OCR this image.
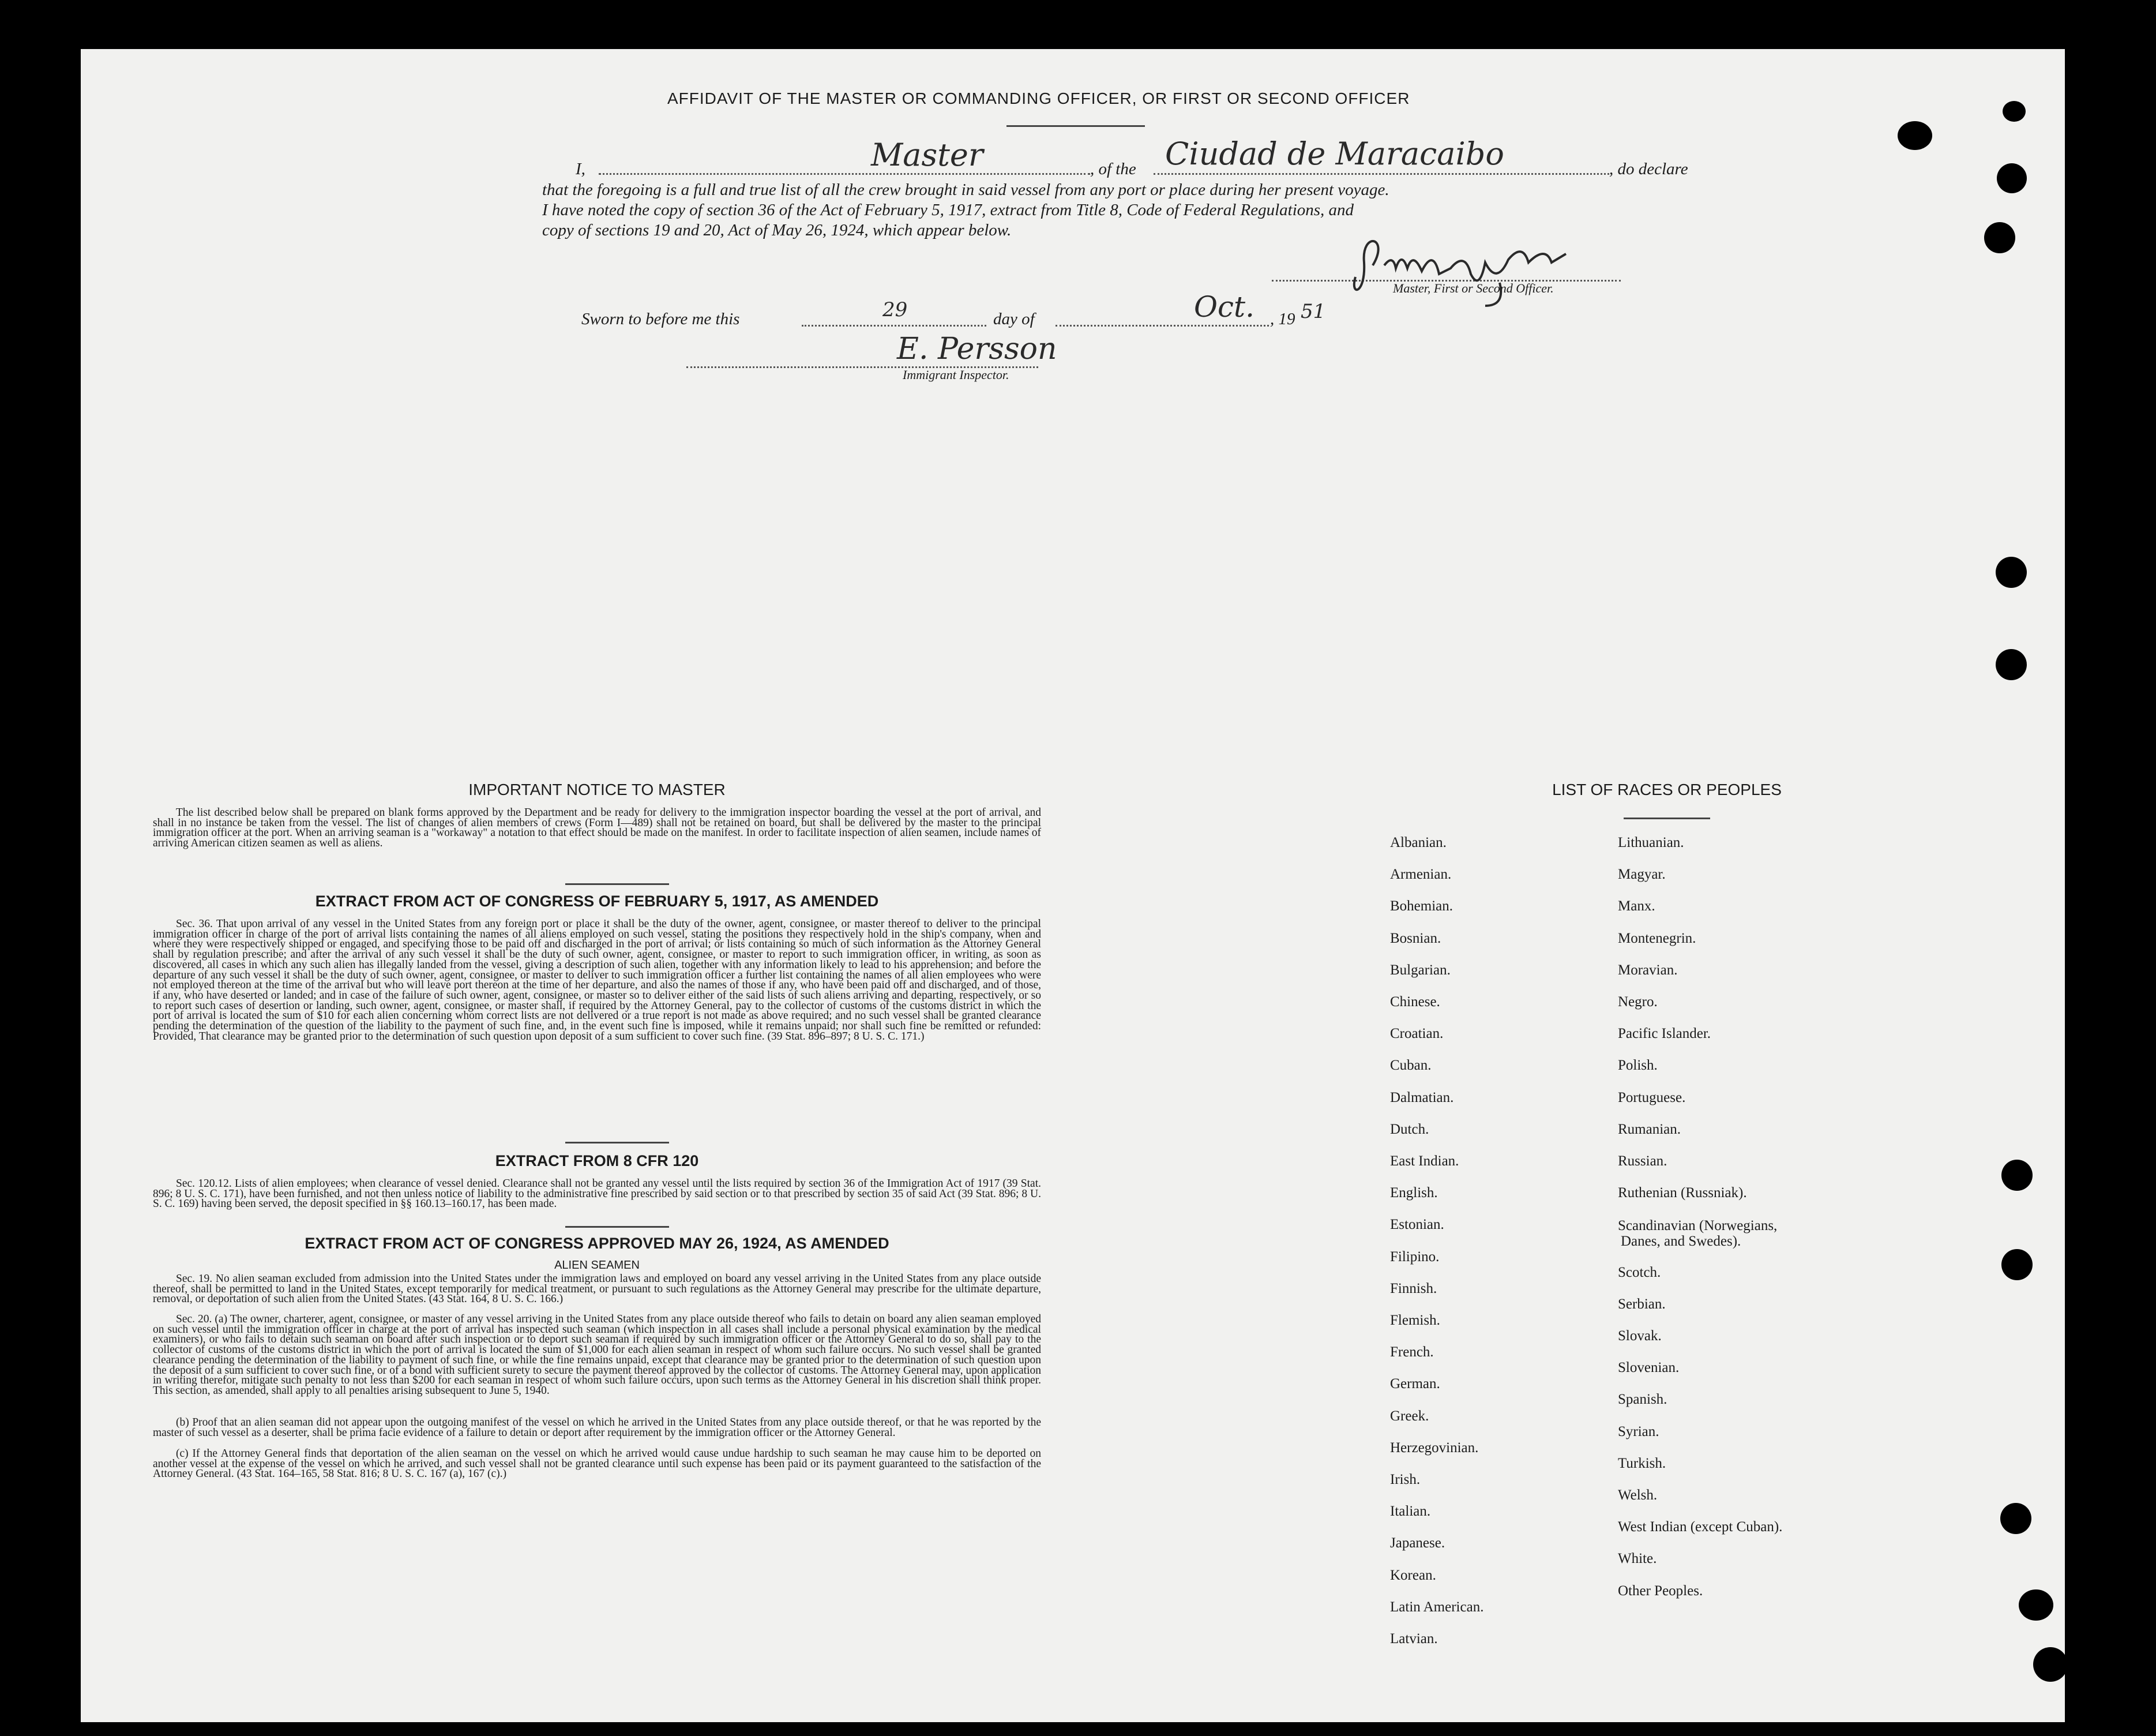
AFFIDAVIT OF THE MASTER OR COMMANDING OFFICER, OR FIRST OR SECOND OFFICER
I,	Master	, of the Ciudad de Maracaibo	, do declare
that the foregoing is a full and true list of all the crew brought in said vessel from any port or place during her present voyage.
I have noted the copy of section 36 of the Act of February 5, 1917, extract from Title 8, Code of Federal Regulations, and
copy of sections 19 and 20, Act of May 26, 1924, which appear below.
Master, First or Second Officer.
Sworn to before me this	29	day of	Oct. , 19 51
E. Persson
Immigrant Inspector.
IMPORTANT NOTICE TO MASTER

The list described below shall be prepared on blank forms approved by the Department and be ready for delivery to the immigration inspector boarding the vessel at the port of arrival, and shall in no instance be taken from the vessel. The list of changes of alien members of crews (Form I—489) shall not be retained on board, but shall be delivered by the master to the principal immigration officer at the port. When an arriving seaman is a "workaway" a notation to that effect should be made on the manifest. In order to facilitate inspection of alien seamen, include names of arriving American citizen seamen as well as aliens.

EXTRACT FROM ACT OF CONGRESS OF FEBRUARY 5, 1917, AS AMENDED

Sec. 36. That upon arrival of any vessel in the United States from any foreign port or place it shall be the duty of the owner, agent, consignee, or master thereof to deliver to the principal immigration officer in charge of the port of arrival lists containing the names of all aliens employed on such vessel, stating the positions they respectively hold in the ship's company, when and where they were respectively shipped or engaged, and specifying those to be paid off and discharged in the port of arrival; or lists containing so much of such information as the Attorney General shall by regulation prescribe; and after the arrival of any such vessel it shall be the duty of such owner, agent, consignee, or master to report to such immigration officer, in writing, as soon as discovered, all cases in which any such alien has illegally landed from the vessel, giving a description of such alien, together with any information likely to lead to his apprehension; and before the departure of any such vessel it shall be the duty of such owner, agent, consignee, or master to deliver to such immigration officer a further list containing the names of all alien employees who were not employed thereon at the time of the arrival but who will leave port thereon at the time of her departure, and also the names of those if any, who have been paid off and discharged, and of those, if any, who have deserted or landed; and in case of the failure of such owner, agent, consignee, or master so to deliver either of the said lists of such aliens arriving and departing, respectively, or so to report such cases of desertion or landing, such owner, agent, consignee, or master shall, if required by the Attorney General, pay to the collector of customs of the customs district in which the port of arrival is located the sum of $10 for each alien concerning whom correct lists are not delivered or a true report is not made as above required; and no such vessel shall be granted clearance pending the determination of the question of the liability to the payment of such fine, and, in the event such fine is imposed, while it remains unpaid; nor shall such fine be remitted or refunded: Provided, That clearance may be granted prior to the determination of such question upon deposit of a sum sufficient to cover such fine. (39 Stat. 896–897; 8 U. S. C. 171.)

EXTRACT FROM 8 CFR 120

Sec. 120.12. Lists of alien employees; when clearance of vessel denied. Clearance shall not be granted any vessel until the lists required by section 36 of the Immigration Act of 1917 (39 Stat. 896; 8 U. S. C. 171), have been furnished, and not then unless notice of liability to the administrative fine prescribed by said section or to that prescribed by section 35 of said Act (39 Stat. 896; 8 U. S. C. 169) having been served, the deposit specified in §§ 160.13–160.17, has been made.

EXTRACT FROM ACT OF CONGRESS APPROVED MAY 26, 1924, AS AMENDED
ALIEN SEAMEN

Sec. 19. No alien seaman excluded from admission into the United States under the immigration laws and employed on board any vessel arriving in the United States from any place outside thereof, shall be permitted to land in the United States, except temporarily for medical treatment, or pursuant to such regulations as the Attorney General may prescribe for the ultimate departure, removal, or deportation of such alien from the United States. (43 Stat. 164, 8 U. S. C. 166.)

Sec. 20. (a) The owner, charterer, agent, consignee, or master of any vessel arriving in the United States from any place outside thereof who fails to detain on board any alien seaman employed on such vessel until the immigration officer in charge at the port of arrival has inspected such seaman (which inspection in all cases shall include a personal physical examination by the medical examiners), or who fails to detain such seaman on board after such inspection or to deport such seaman if required by such immigration officer or the Attorney General to do so, shall pay to the collector of customs of the customs district in which the port of arrival is located the sum of $1,000 for each alien seaman in respect of whom such failure occurs. No such vessel shall be granted clearance pending the determination of the liability to payment of such fine, or while the fine remains unpaid, except that clearance may be granted prior to the determination of such question upon the deposit of a sum sufficient to cover such fine, or of a bond with sufficient surety to secure the payment thereof approved by the collector of customs. The Attorney General may, upon application in writing therefor, mitigate such penalty to not less than $200 for each seaman in respect of whom such failure occurs, upon such terms as the Attorney General in his discretion shall think proper. This section, as amended, shall apply to all penalties arising subsequent to June 5, 1940.

(b) Proof that an alien seaman did not appear upon the outgoing manifest of the vessel on which he arrived in the United States from any place outside thereof, or that he was reported by the master of such vessel as a deserter, shall be prima facie evidence of a failure to detain or deport after requirement by the immigration officer or the Attorney General.

(c) If the Attorney General finds that deportation of the alien seaman on the vessel on which he arrived would cause undue hardship to such seaman he may cause him to be deported on another vessel at the expense of the vessel on which he arrived, and such vessel shall not be granted clearance until such expense has been paid or its payment guaranteed to the satisfaction of the Attorney General. (43 Stat. 164–165, 58 Stat. 816; 8 U. S. C. 167 (a), 167 (c).)

LIST OF RACES OR PEOPLES
Albanian.
Armenian.
Bohemian.
Bosnian.
Bulgarian.
Chinese.
Croatian.
Cuban.
Dalmatian.
Dutch.
East Indian.
English.
Estonian.
Filipino.
Finnish.
Flemish.
French.
German.
Greek.
Herzegovinian.
Irish.
Italian.
Japanese.
Korean.
Latin American.
Latvian.
Lithuanian.
Magyar.
Manx.
Montenegrin.
Moravian.
Negro.
Pacific Islander.
Polish.
Portuguese.
Rumanian.
Russian.
Ruthenian (Russniak).
Scandinavian (Norwegians,
Danes, and Swedes).
Scotch.
Serbian.
Slovak.
Slovenian.
Spanish.
Syrian.
Turkish.
Welsh.
West Indian (except Cuban).
White.
Other Peoples.
